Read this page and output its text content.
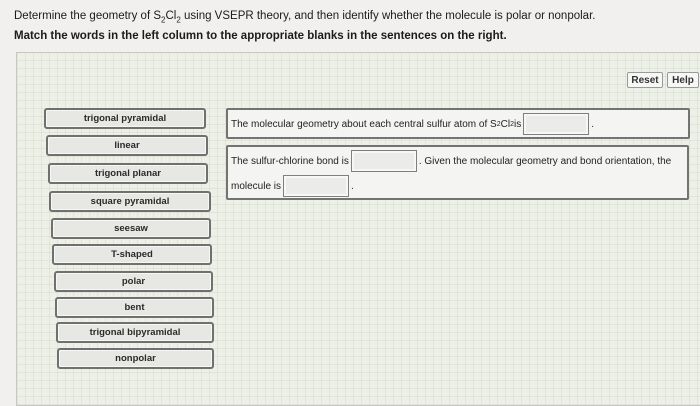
Determine the geometry of $S_2Cl_2$ using VSEPR theory, and then identify whether the molecule is polar or nonpolar.
Match the words in the left column to the appropriate blanks in the sentences on the right.
Reset	Help
trigonal pyramidal
linear
trigonal planar
square pyramidal
seesaw
T-shaped
polar
bent
trigonal bipyramidal
nonpolar
The molecular geometry about each central sulfur atom of S 2 Cl 2 is	.
The sulfur-chlorine bond is	. Given the molecular geometry and bond orientation, the
molecule is	.
